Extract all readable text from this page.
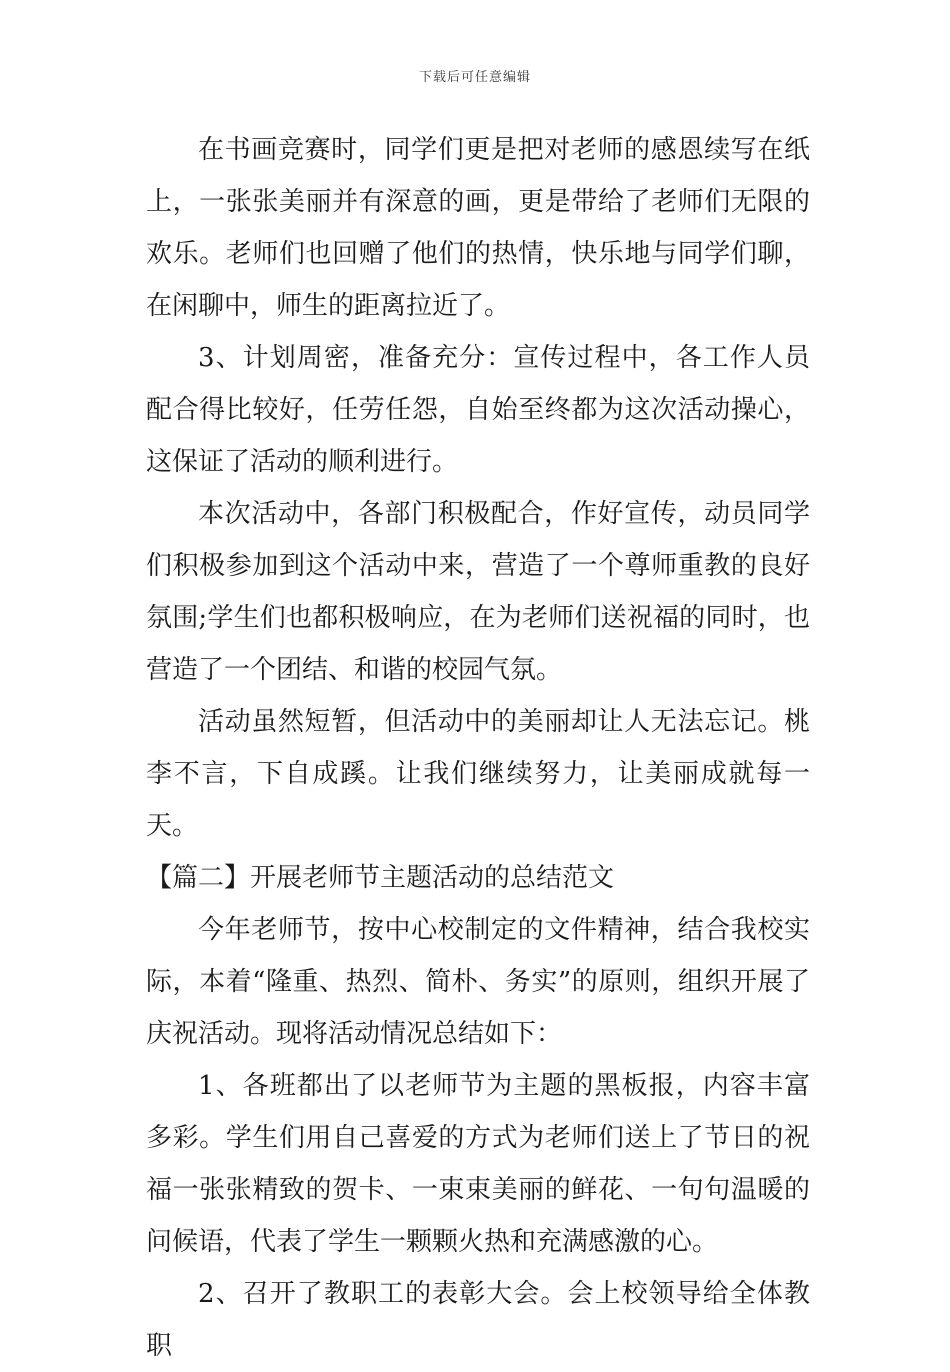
下载后可任意编辑

在书画竞赛时，同学们更是把对老师的感恩续写在纸上，一张张美丽并有深意的画，更是带给了老师们无限的欢乐。老师们也回赠了他们的热情，快乐地与同学们聊，在闲聊中，师生的距离拉近了。

3、计划周密，准备充分：宣传过程中，各工作人员配合得比较好，任劳任怨，自始至终都为这次活动操心，这保证了活动的顺利进行。

本次活动中，各部门积极配合，作好宣传，动员同学们积极参加到这个活动中来，营造了一个尊师重教的良好氛围;学生们也都积极响应，在为老师们送祝福的同时，也营造了一个团结、和谐的校园气氛。

活动虽然短暂，但活动中的美丽却让人无法忘记。桃李不言，下自成蹊。让我们继续努力，让美丽成就每一天。

【篇二】开展老师节主题活动的总结范文

今年老师节，按中心校制定的文件精神，结合我校实际，本着“隆重、热烈、简朴、务实”的原则，组织开展了庆祝活动。现将活动情况总结如下：

1、各班都出了以老师节为主题的黑板报，内容丰富多彩。学生们用自己喜爱的方式为老师们送上了节日的祝福一张张精致的贺卡、一束束美丽的鲜花、一句句温暖的问候语，代表了学生一颗颗火热和充满感激的心。

2、召开了教职工的表彰大会。会上校领导给全体教职
